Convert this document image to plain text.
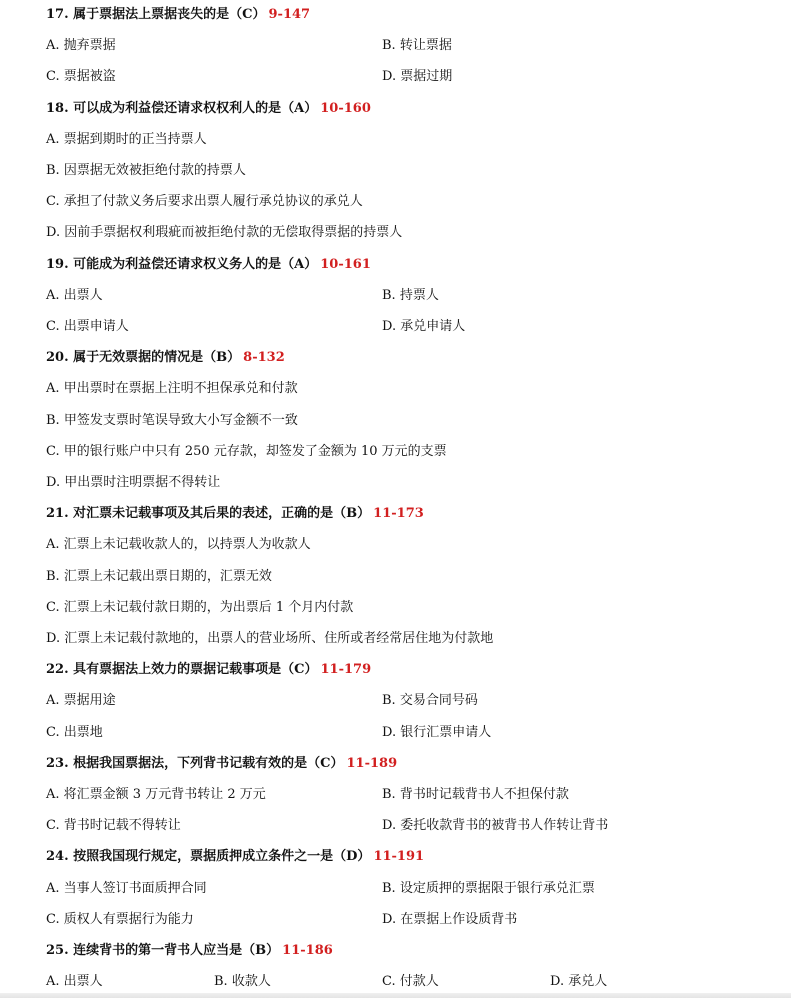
17. 属于票据法上票据丧失的是（C） 9-147
A. 抛弃票据	B. 转让票据
C. 票据被盗	D. 票据过期
18. 可以成为利益偿还请求权权利人的是（A） 10-160
A. 票据到期时的正当持票人
B. 因票据无效被拒绝付款的持票人
C. 承担了付款义务后要求出票人履行承兑协议的承兑人
D. 因前手票据权利瑕疵而被拒绝付款的无偿取得票据的持票人
19. 可能成为利益偿还请求权义务人的是（A） 10-161
A. 出票人	B. 持票人
C. 出票申请人	D. 承兑申请人
20. 属于无效票据的情况是（B） 8-132
A. 甲出票时在票据上注明不担保承兑和付款
B. 甲签发支票时笔误导致大小写金额不一致
C. 甲的银行账户中只有 250 元存款，却签发了金额为 10 万元的支票
D. 甲出票时注明票据不得转让
21. 对汇票未记载事项及其后果的表述，正确的是（B） 11-173
A. 汇票上未记载收款人的，以持票人为收款人
B. 汇票上未记载出票日期的，汇票无效
C. 汇票上未记载付款日期的，为出票后 1 个月内付款
D. 汇票上未记载付款地的，出票人的营业场所、住所或者经常居住地为付款地
22. 具有票据法上效力的票据记载事项是（C） 11-179
A. 票据用途	B. 交易合同号码
C. 出票地	D. 银行汇票申请人
23. 根据我国票据法，下列背书记载有效的是（C） 11-189
A. 将汇票金额 3 万元背书转让 2 万元	B. 背书时记载背书人不担保付款
C. 背书时记载不得转让	D. 委托收款背书的被背书人作转让背书
24. 按照我国现行规定，票据质押成立条件之一是（D） 11-191
A. 当事人签订书面质押合同	B. 设定质押的票据限于银行承兑汇票
C. 质权人有票据行为能力	D. 在票据上作设质背书
25. 连续背书的第一背书人应当是（B） 11-186
A. 出票人	B. 收款人	C. 付款人	D. 承兑人
